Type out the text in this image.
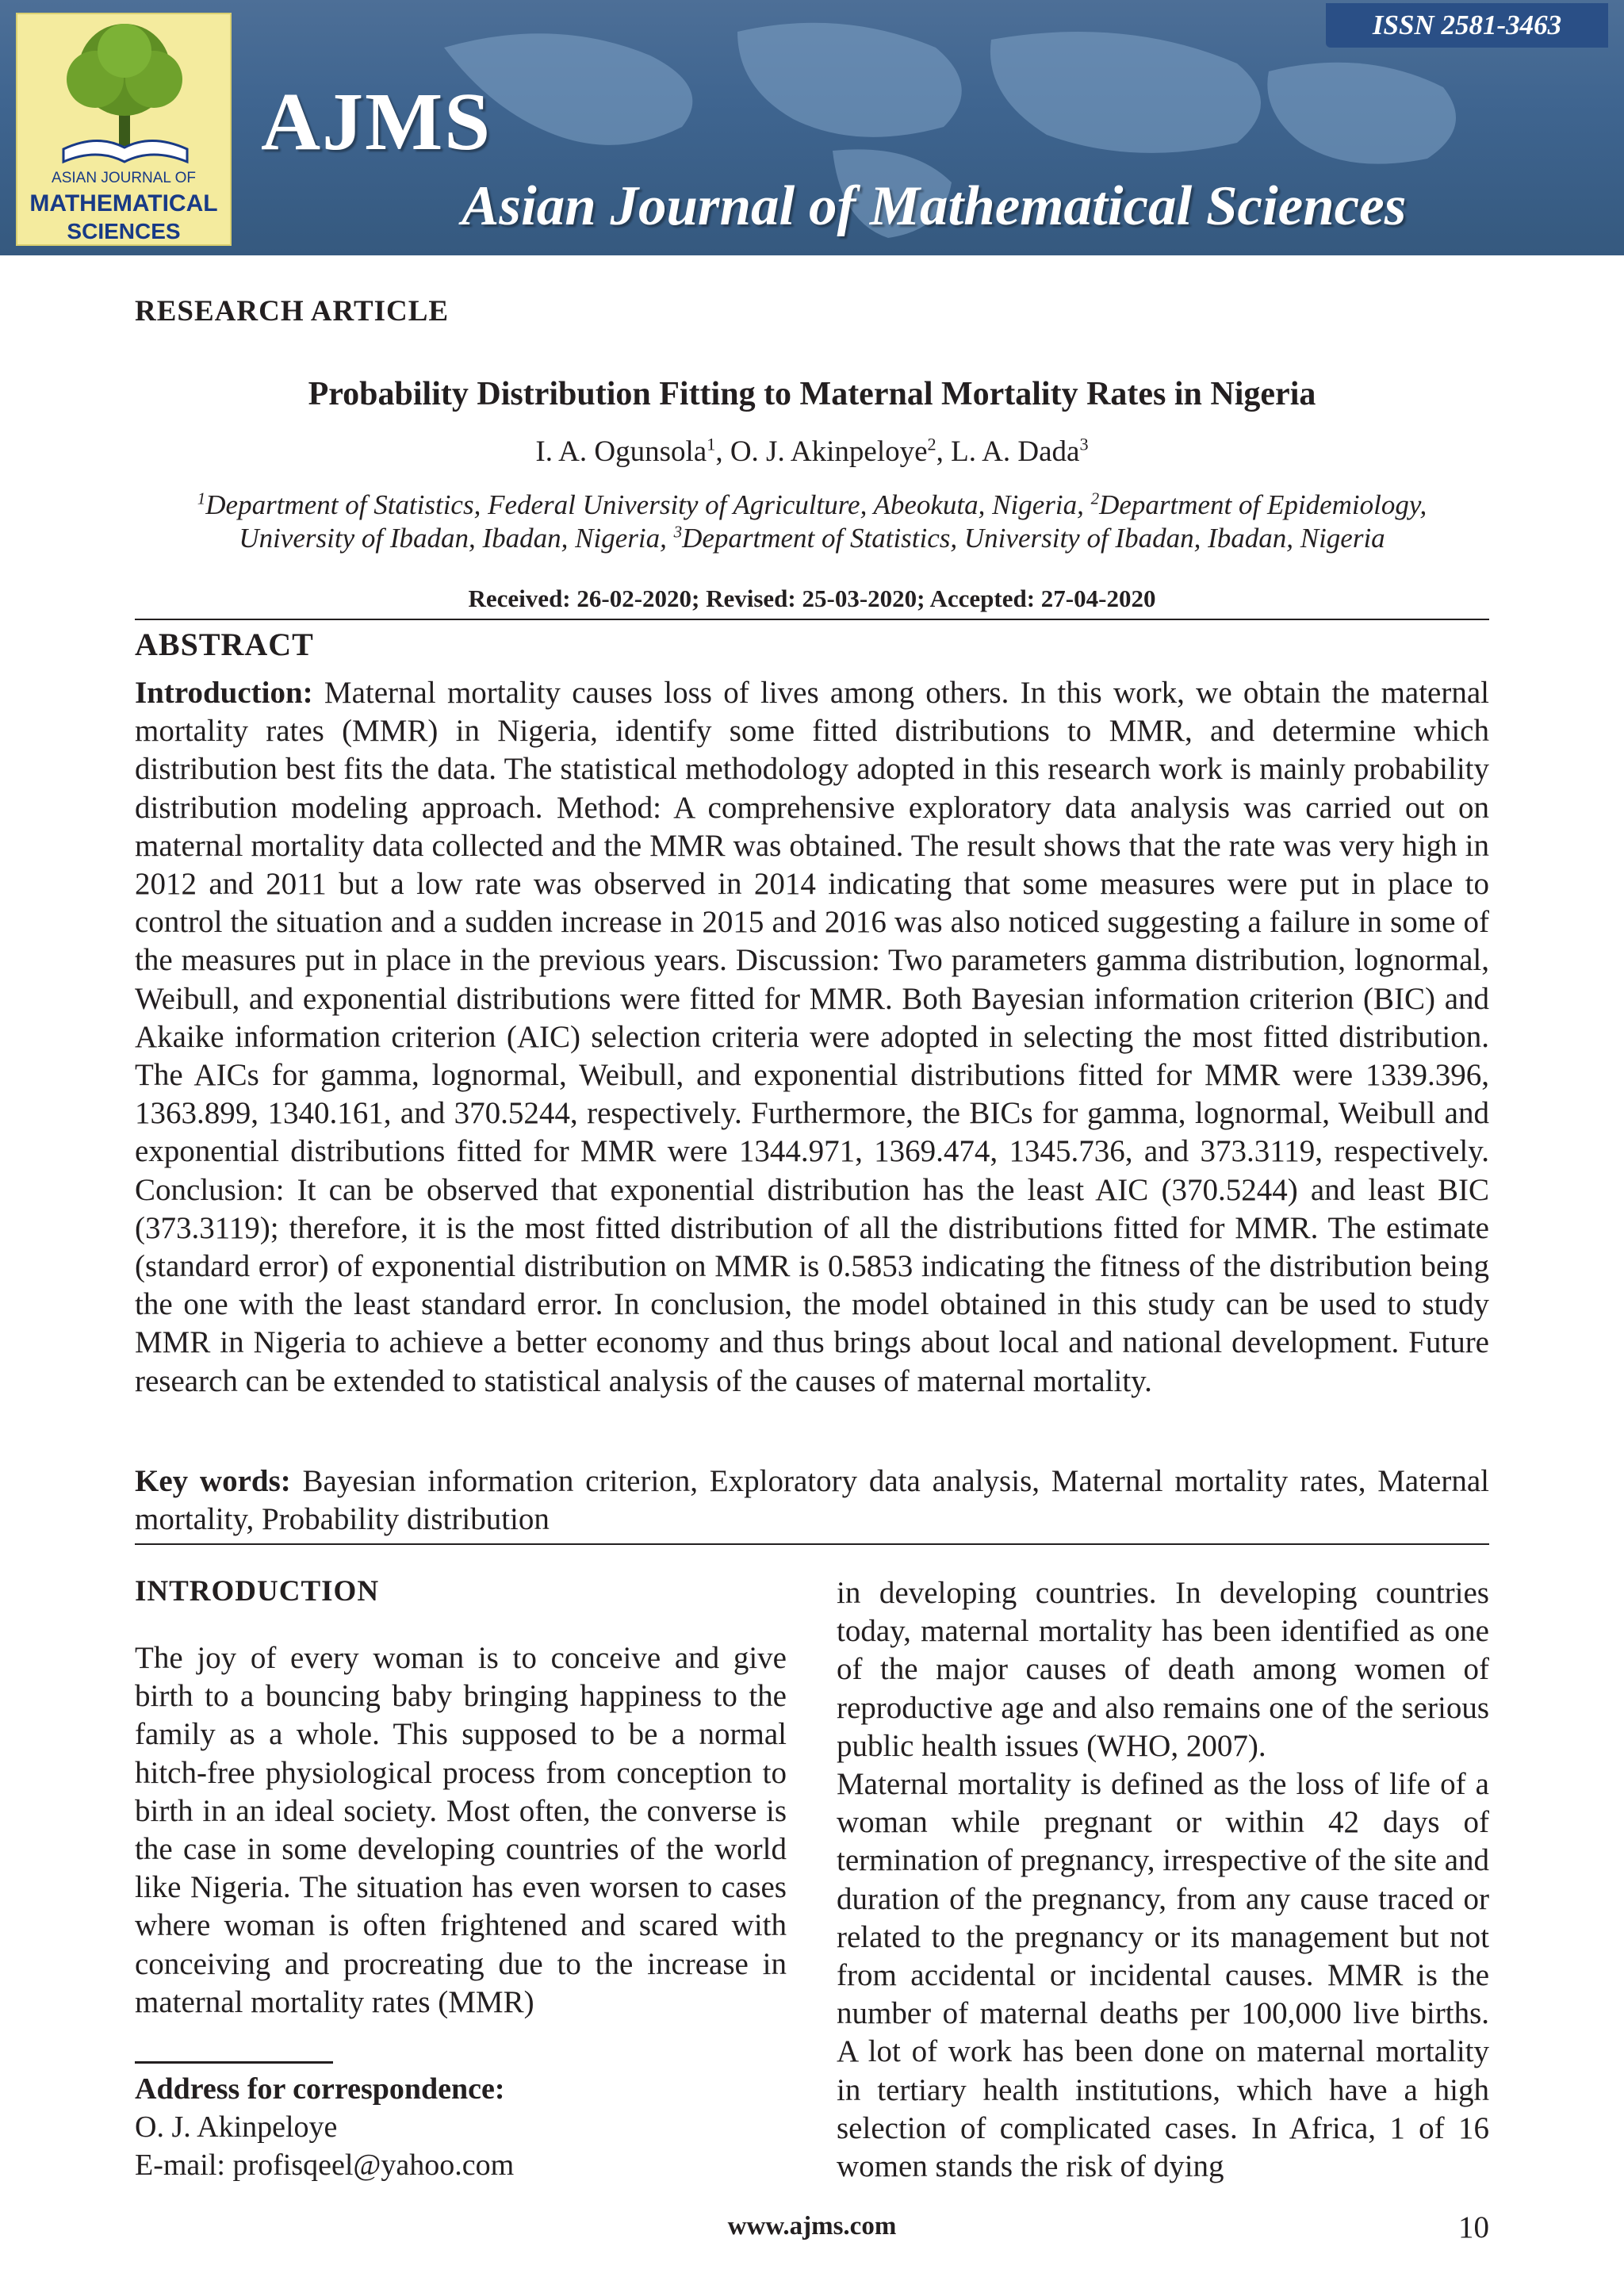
ASIAN JOURNAL OF
MATHEMATICAL
SCIENCES
ISSN 2581-3463
AJMS
Asian Journal of Mathematical Sciences
RESEARCH ARTICLE
Probability Distribution Fitting to Maternal Mortality Rates in Nigeria
I. A. Ogunsola$^1$, O. J. Akinpeloye$^2$, L. A. Dada$^3$
$^1$Department of Statistics, Federal University of Agriculture, Abeokuta, Nigeria, $^2$Department of Epidemiology,
University of Ibadan, Ibadan, Nigeria, $^3$Department of Statistics, University of Ibadan, Ibadan, Nigeria
Received: 26-02-2020; Revised: 25-03-2020; Accepted: 27-04-2020
ABSTRACT
Introduction: Maternal mortality causes loss of lives among others. In this work, we obtain the maternal mortality rates (MMR) in Nigeria, identify some fitted distributions to MMR, and determine which distribution best fits the data. The statistical methodology adopted in this research work is mainly probability distribution modeling approach. Method: A comprehensive exploratory data analysis was carried out on maternal mortality data collected and the MMR was obtained. The result shows that the rate was very high in 2012 and 2011 but a low rate was observed in 2014 indicating that some measures were put in place to control the situation and a sudden increase in 2015 and 2016 was also noticed suggesting a failure in some of the measures put in place in the previous years. Discussion: Two parameters gamma distribution, lognormal, Weibull, and exponential distributions were fitted for MMR. Both Bayesian information criterion (BIC) and Akaike information criterion (AIC) selection criteria were adopted in selecting the most fitted distribution. The AICs for gamma, lognormal, Weibull, and exponential distributions fitted for MMR were 1339.396, 1363.899, 1340.161, and 370.5244, respectively. Furthermore, the BICs for gamma, lognormal, Weibull and exponential distributions fitted for MMR were 1344.971, 1369.474, 1345.736, and 373.3119, respectively. Conclusion: It can be observed that exponential distribution has the least AIC (370.5244) and least BIC (373.3119); therefore, it is the most fitted distribution of all the distributions fitted for MMR. The estimate (standard error) of exponential distribution on MMR is 0.5853 indicating the fitness of the distribution being the one with the least standard error. In conclusion, the model obtained in this study can be used to study MMR in Nigeria to achieve a better economy and thus brings about local and national development. Future research can be extended to statistical analysis of the causes of maternal mortality.
Key words: Bayesian information criterion, Exploratory data analysis, Maternal mortality rates, Maternal mortality, Probability distribution
INTRODUCTION
The joy of every woman is to conceive and give birth to a bouncing baby bringing happiness to the family as a whole. This supposed to be a normal hitch-free physiological process from conception to birth in an ideal society. Most often, the converse is the case in some developing countries of the world like Nigeria. The situation has even worsen to cases where woman is often frightened and scared with conceiving and procreating due to the increase in maternal mortality rates (MMR)
Address for correspondence:
O. J. Akinpeloye
E-mail: profisqeel@yahoo.com
in developing countries. In developing countries today, maternal mortality has been identified as one of the major causes of death among women of reproductive age and also remains one of the serious public health issues (WHO, 2007).
Maternal mortality is defined as the loss of life of a woman while pregnant or within 42 days of termination of pregnancy, irrespective of the site and duration of the pregnancy, from any cause traced or related to the pregnancy or its management but not from accidental or incidental causes. MMR is the number of maternal deaths per 100,000 live births. A lot of work has been done on maternal mortality in tertiary health institutions, which have a high selection of complicated cases. In Africa, 1 of 16 women stands the risk of dying
www.ajms.com	10
